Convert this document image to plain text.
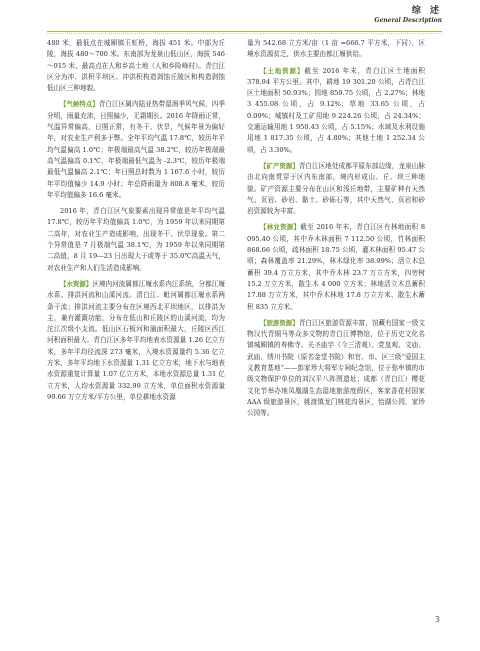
综 述
General Description

480 米，最低点在城厢镇玉虹桥，海拔 451 米。中部为丘陵，海拔 480～700 米。东南部为龙泉山低山区，海拔 546～915 米，最高点在人和乡高土地（人和乡险峰村）。青白江区分为冲、洪积平坝区、冲洪积构造剥蚀丘陵区和构造剥蚀低山区三种地貌。

【气候特点】青白江区属内陆亚热带湿润季风气候，四季分明，雨量充沛，日照偏少，无霜期长。2016 年降雨正常，气温异常偏高，日照正常，有冬干、伏旱，气候年景为偏好年，对农业生产利多于弊。全年平均气温 17.8℃，较历年平均气温偏高 1.0℃；年极端最高气温 38.2℃，较历年极端最高气温偏高 0.1℃，年极端最低气温为 -2.3℃，较历年极端最低气温偏高 2.1℃；年日照总时数为 1 167.6 小时，较历年平均值偏少 14.9 小时；年总降雨量为 808.8 毫米，较历年平均值偏多 16.6 毫米。

2016 年，青白江区气象要素出现异常值是年平均气温 17.8℃，较历年平均值偏高 1.0℃，为 1959 年以来同期第二高年，对农业生产造成影响，出现冬干、伏旱现象。第二个异常值是 7 月极端气温 38.1℃，为 1959 年以来同期第二高值，8 月 19—23 日出现大于或等于 35.0℃高温天气，对农业生产和人们生活造成影响。

【水资源】区境内河流属都江堰水系内江系统，分都江堰水系、排洪河流和山溪河流。清白江、毗河属都江堰水系两条干流；排洪河流主要分布在区境西北平坝地区，以排洪为主，兼有灌溉功能，分布在低山和丘陵区的山溪河流，均为沱江次级小支流。低山区石板河和湔面积最大，丘陵区西江河积面积最大。青白江区多年平均地表水资源量 1.26 亿立方米，多年平均径流深 273 毫米，入境水资源量约 5.36 亿立方米，多年平均地下水资源量 1.31 亿立方米，地下水与地表水资源重复计算量 1.07 亿立方米，本地水资源总量 1.31 亿立方米，人均水资源量 332.99 立方米，单位面积水资源量 99.66 万立方米/平方公里，单位耕地水资源

量为 542.68 立方米/亩（1 亩 =666.7 平方米，下同），区境水资源贫乏，供水主要由都江堰供给。

【土地资源】截至 2016 年末，青白江区土地面积 378.94 平方公里。其中，耕地 19 301.20 公顷，占青白江区土地面积 50.93%；园地 859.75 公顷，占 2.27%；林地 3 455.08 公顷，占 9.12%；草地 33.65 公顷，占 0.09%；城镇村及工矿用地 9 224.26 公顷，占 24.34%；交通运输用地 1 950.43 公顷，占 5.15%；水域及水利设施用地 1 817.35 公顷，占 4.80%；其他土地 1 252.34 公顷，占 3.30%。

【矿产资源】青白江区地处成都平原东部边缘，龙泉山脉由北向南贯穿于区内东南部，境内形成山、丘、坝三种地貌。矿产资源主要分布在山区和浅丘地带，主要矿种有天然气、页岩、砂岩、黏土、砂砾石等，其中天然气、页岩和砂岩资源较为丰富。

【林业资源】截至 2016 年末，青白江区有林地面积 8 095.40 公顷，其中乔木林面积 7 112.50 公顷，竹林面积 868.66 公顷，疏林面积 18.75 公顷，灌木林面积 95.47 公顷；森林覆盖率 21.29%，林木绿化率 38.99%；活立木总蓄积 39.4 万立方米，其中乔木林 23.7 万立方米，四旁树 15.2 万立方米，散生木 4 000 立方米；林地活立木总蓄积 17.88 万立方米，其中乔木林地 17.8 万立方米、散生木蓄积 835 立方米。

【旅游资源】青白江区旅游资源丰富，馆藏有国家一级文物汉代青铜马等众多文物的青白江博物馆，位于历史文化名镇城厢镇的寿佛寺、关圣庙宇（今三清观）、党皇观、文庙、武庙、绣川书院（原名金堂书院）和官、市、区三级“爱国主义教育基地”——彭家珍大将军专祠纪念馆，位于弥牟镇的市级文物保护单位的刘汉平八阵图遗址；成都（青白江）樱花文化节举办地凤凰湖生态湿地旅游度假区，客家香花村国家 AAA 级旅游景区，姚渡镇龙门桃花沟景区，怡湖公园，家珍公园等。

3
